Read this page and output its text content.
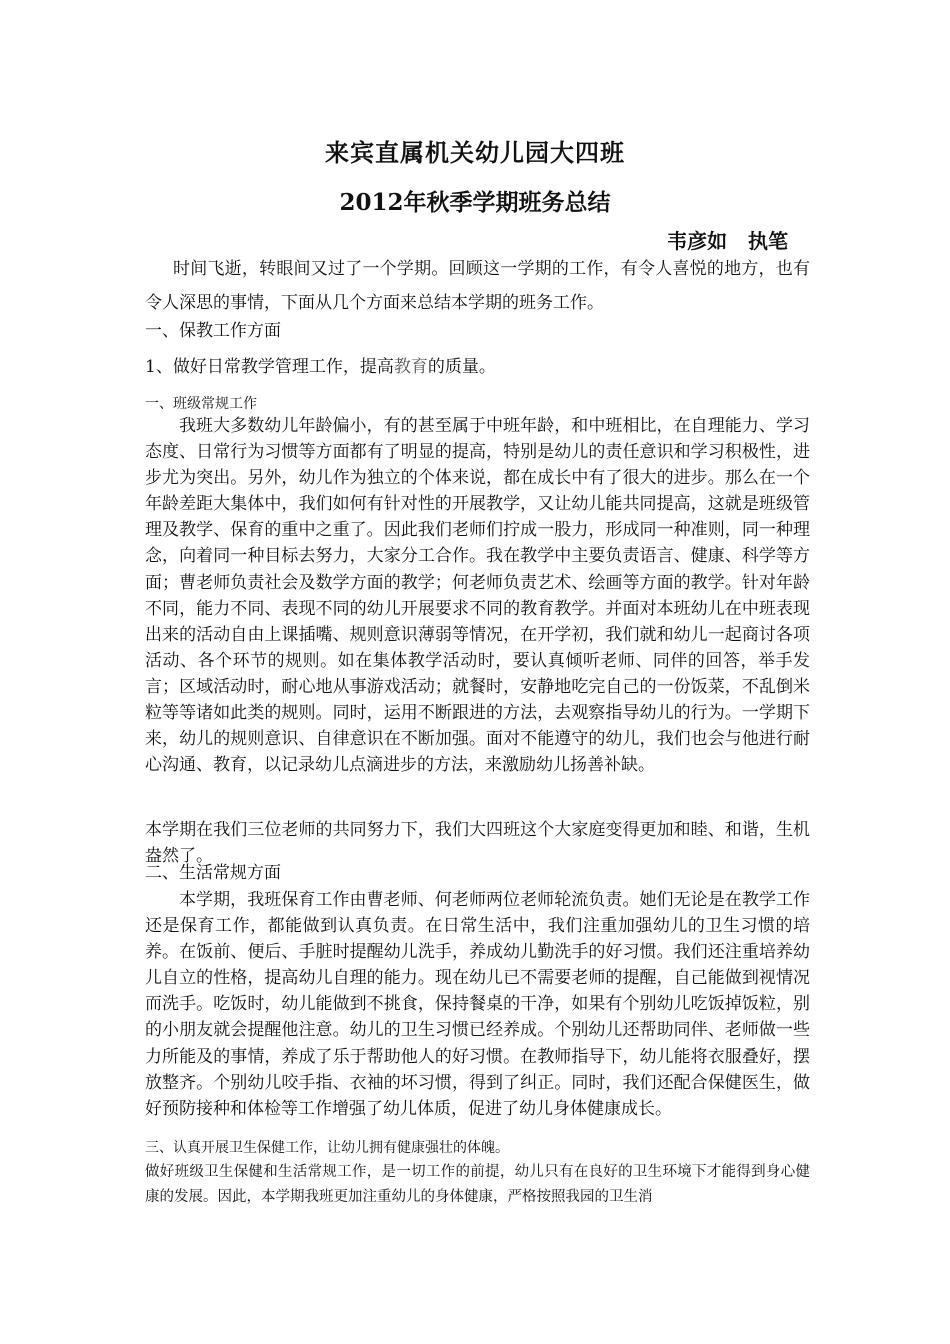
来宾直属机关幼儿园大四班
2012年秋季学期班务总结
韦彦如   执笔

时间飞逝，转眼间又过了一个学期。回顾这一学期的工作，有令人喜悦的地方，也有令人深思的事情，下面从几个方面来总结本学期的班务工作。

一、保教工作方面

1、做好日常教学管理工作，提高教育的质量。

一、班级常规工作

我班大多数幼儿年龄偏小，有的甚至属于中班年龄，和中班相比，在自理能力、学习态度、日常行为习惯等方面都有了明显的提高，特别是幼儿的责任意识和学习积极性，进步尤为突出。另外，幼儿作为独立的个体来说，都在成长中有了很大的进步。那么在一个年龄差距大集体中，我们如何有针对性的开展教学，又让幼儿能共同提高，这就是班级管理及教学、保育的重中之重了。因此我们老师们拧成一股力，形成同一种准则，同一种理念，向着同一种目标去努力，大家分工合作。我在教学中主要负责语言、健康、科学等方面；曹老师负责社会及数学方面的教学；何老师负责艺术、绘画等方面的教学。针对年龄不同，能力不同、表现不同的幼儿开展要求不同的教育教学。并面对本班幼儿在中班表现出来的活动自由上课插嘴、规则意识薄弱等情况，在开学初，我们就和幼儿一起商讨各项活动、各个环节的规则。如在集体教学活动时，要认真倾听老师、同伴的回答，举手发言；区域活动时，耐心地从事游戏活动；就餐时，安静地吃完自己的一份饭菜，不乱倒米粒等等诸如此类的规则。同时，运用不断跟进的方法，去观察指导幼儿的行为。一学期下来，幼儿的规则意识、自律意识在不断加强。面对不能遵守的幼儿，我们也会与他进行耐心沟通、教育，以记录幼儿点滴进步的方法，来激励幼儿扬善补缺。

本学期在我们三位老师的共同努力下，我们大四班这个大家庭变得更加和睦、和谐，生机盎然了。

二、生活常规方面

本学期，我班保育工作由曹老师、何老师两位老师轮流负责。她们无论是在教学工作还是保育工作，都能做到认真负责。在日常生活中，我们注重加强幼儿的卫生习惯的培养。在饭前、便后、手脏时提醒幼儿洗手，养成幼儿勤洗手的好习惯。我们还注重培养幼儿自立的性格，提高幼儿自理的能力。现在幼儿已不需要老师的提醒，自己能做到视情况而洗手。吃饭时，幼儿能做到不挑食，保持餐桌的干净，如果有个别幼儿吃饭掉饭粒，别的小朋友就会提醒他注意。幼儿的卫生习惯已经养成。个别幼儿还帮助同伴、老师做一些力所能及的事情，养成了乐于帮助他人的好习惯。在教师指导下，幼儿能将衣服叠好，摆放整齐。个别幼儿咬手指、衣袖的坏习惯，得到了纠正。同时，我们还配合保健医生，做好预防接种和体检等工作增强了幼儿体质，促进了幼儿身体健康成长。

三、认真开展卫生保健工作，让幼儿拥有健康强壮的体魄。

做好班级卫生保健和生活常规工作，是一切工作的前提，幼儿只有在良好的卫生环境下才能得到身心健康的发展。因此，本学期我班更加注重幼儿的身体健康，严格按照我园的卫生消
